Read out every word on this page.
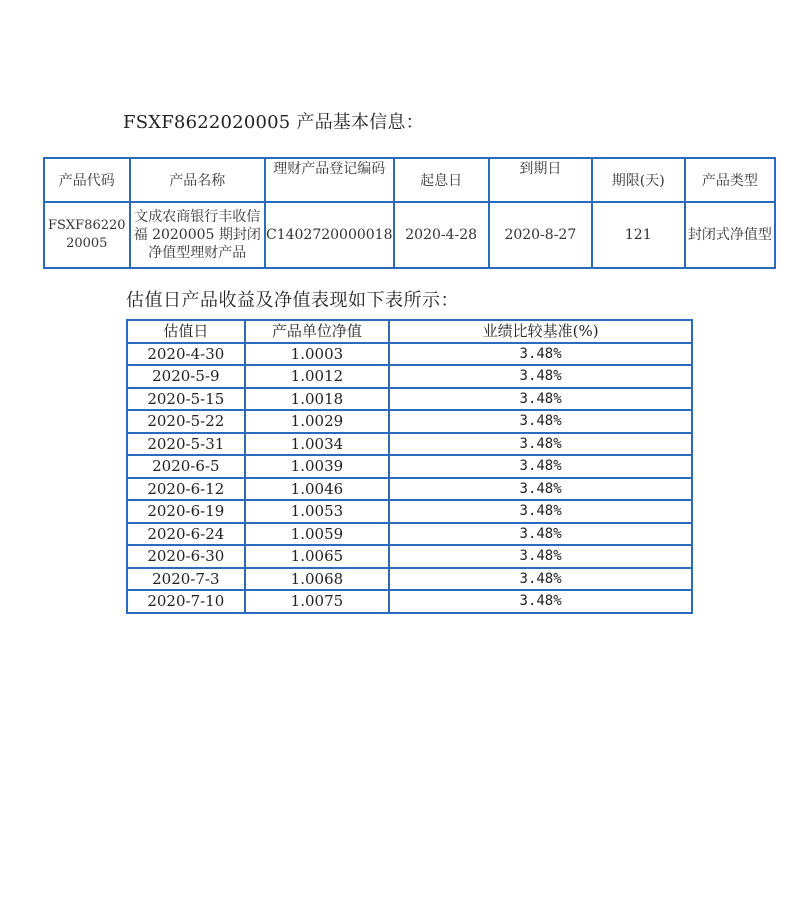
FSXF8622020005 产品基本信息：
产品代码	产品名称	理财产品登记编码	起息日	到期日	期限(天)	产品类型
FSXF8622020005	文成农商银行丰收信福 2020005 期封闭净值型理财产品	C1402720000018	2020-4-28	2020-8-27	121	封闭式净值型
估值日产品收益及净值表现如下表所示：
估值日	产品单位净值	业绩比较基准(%)
2020-4-30	1.0003	3.48%
2020-5-9	1.0012	3.48%
2020-5-15	1.0018	3.48%
2020-5-22	1.0029	3.48%
2020-5-31	1.0034	3.48%
2020-6-5	1.0039	3.48%
2020-6-12	1.0046	3.48%
2020-6-19	1.0053	3.48%
2020-6-24	1.0059	3.48%
2020-6-30	1.0065	3.48%
2020-7-3	1.0068	3.48%
2020-7-10	1.0075	3.48%
